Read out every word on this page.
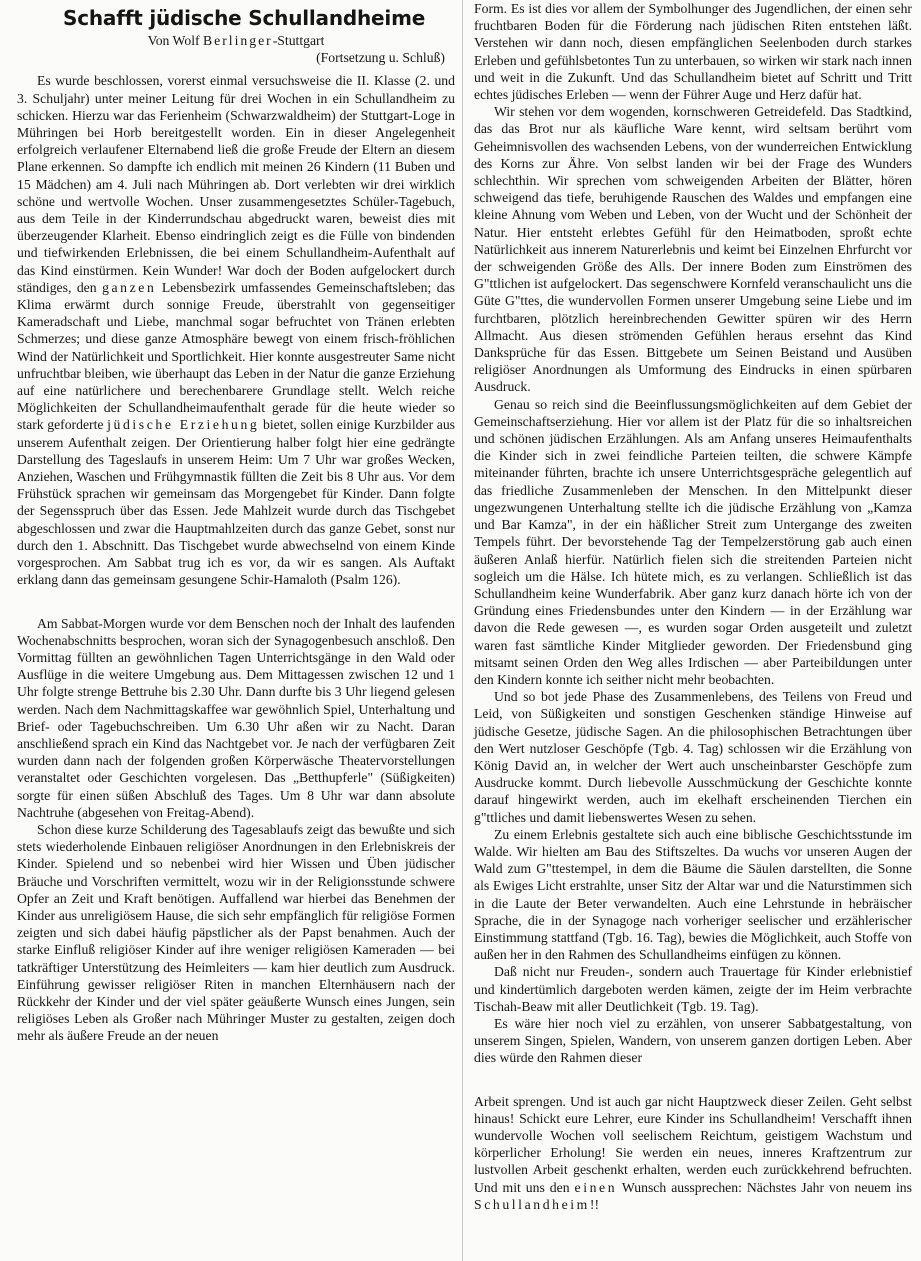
Schafft jüdische Schullandheime
Von Wolf Berlinger-Stuttgart
(Fortsetzung u. Schluß)

Es wurde beschlossen, vorerst einmal versuchsweise die II. Klasse (2. und 3. Schuljahr) unter meiner Leitung für drei Wochen in ein Schullandheim zu schicken. Hierzu war das Ferienheim (Schwarzwaldheim) der Stuttgart-Loge in Mühringen bei Horb bereitgestellt worden. Ein in dieser Angelegenheit erfolgreich verlaufener Elternabend ließ die große Freude der Eltern an diesem Plane erkennen. So dampfte ich endlich mit meinen 26 Kindern (11 Buben und 15 Mädchen) am 4. Juli nach Mühringen ab. Dort verlebten wir drei wirklich schöne und wertvolle Wochen. Unser zusammengesetztes Schüler-Tagebuch, aus dem Teile in der Kinderrundschau abgedruckt waren, beweist dies mit überzeugender Klarheit. Ebenso eindringlich zeigt es die Fülle von bindenden und tiefwirkenden Erlebnissen, die bei einem Schullandheim-Aufenthalt auf das Kind einstürmen. Kein Wunder! War doch der Boden aufgelockert durch ständiges, den ganzen Lebensbezirk umfassendes Gemeinschaftsleben; das Klima erwärmt durch sonnige Freude, überstrahlt von gegenseitiger Kameradschaft und Liebe, manchmal sogar befruchtet von Tränen erlebten Schmerzes; und diese ganze Atmosphäre bewegt von einem frisch-fröhlichen Wind der Natürlichkeit und Sportlichkeit. Hier konnte ausgestreuter Same nicht unfruchtbar bleiben, wie überhaupt das Leben in der Natur die ganze Erziehung auf eine natürlichere und berechenbarere Grundlage stellt. Welch reiche Möglichkeiten der Schullandheimaufenthalt gerade für die heute wieder so stark geforderte jüdische Erziehung bietet, sollen einige Kurzbilder aus unserem Aufenthalt zeigen. Der Orientierung halber folgt hier eine gedrängte Darstellung des Tageslaufs in unserem Heim: Um 7 Uhr war großes Wecken, Anziehen, Waschen und Frühgymnastik füllten die Zeit bis 8 Uhr aus. Vor dem Frühstück sprachen wir gemeinsam das Morgengebet für Kinder. Dann folgte der Segensspruch über das Essen. Jede Mahlzeit wurde durch das Tischgebet abgeschlossen und zwar die Hauptmahlzeiten durch das ganze Gebet, sonst nur durch den 1. Abschnitt. Das Tischgebet wurde abwechselnd von einem Kinde vorgesprochen. Am Sabbat trug ich es vor, da wir es sangen. Als Auftakt erklang dann das gemeinsam gesungene Schir-Hamaloth (Psalm 126).

Am Sabbat-Morgen wurde vor dem Benschen noch der Inhalt des laufenden Wochenabschnitts besprochen, woran sich der Synagogenbesuch anschloß. Den Vormittag füllten an gewöhnlichen Tagen Unterrichtsgänge in den Wald oder Ausflüge in die weitere Umgebung aus. Dem Mittagessen zwischen 12 und 1 Uhr folgte strenge Bettruhe bis 2.30 Uhr. Dann durfte bis 3 Uhr liegend gelesen werden. Nach dem Nachmittagskaffee war gewöhnlich Spiel, Unterhaltung und Brief- oder Tagebuchschreiben. Um 6.30 Uhr aßen wir zu Nacht. Daran anschließend sprach ein Kind das Nachtgebet vor. Je nach der verfügbaren Zeit wurden dann nach der folgenden großen Körperwäsche Theatervorstellungen veranstaltet oder Geschichten vorgelesen. Das „Betthupferle" (Süßigkeiten) sorgte für einen süßen Abschluß des Tages. Um 8 Uhr war dann absolute Nachtruhe (abgesehen von Freitag-Abend).

Schon diese kurze Schilderung des Tagesablaufs zeigt das bewußte und sich stets wiederholende Einbauen religiöser Anordnungen in den Erlebniskreis der Kinder. Spielend und so nebenbei wird hier Wissen und Üben jüdischer Bräuche und Vorschriften vermittelt, wozu wir in der Religionsstunde schwere Opfer an Zeit und Kraft benötigen. Auffallend war hierbei das Benehmen der Kinder aus unreligiösem Hause, die sich sehr empfänglich für religiöse Formen zeigten und sich dabei häufig päpstlicher als der Papst benahmen. Auch der starke Einfluß religiöser Kinder auf ihre weniger religiösen Kameraden — bei tatkräftiger Unterstützung des Heimleiters — kam hier deutlich zum Ausdruck. Einführung gewisser religiöser Riten in manchen Elternhäusern nach der Rückkehr der Kinder und der viel später geäußerte Wunsch eines Jungen, sein religiöses Leben als Großer nach Mühringer Muster zu gestalten, zeigen doch mehr als äußere Freude an der neuen

Form. Es ist dies vor allem der Symbolhunger des Jugendlichen, der einen sehr fruchtbaren Boden für die Förderung nach jüdischen Riten entstehen läßt. Verstehen wir dann noch, diesen empfänglichen Seelenboden durch starkes Erleben und gefühlsbetontes Tun zu unterbauen, so wirken wir stark nach innen und weit in die Zukunft. Und das Schullandheim bietet auf Schritt und Tritt echtes jüdisches Erleben — wenn der Führer Auge und Herz dafür hat.

Wir stehen vor dem wogenden, kornschweren Getreidefeld. Das Stadtkind, das das Brot nur als käufliche Ware kennt, wird seltsam berührt vom Geheimnisvollen des wachsenden Lebens, von der wunderreichen Entwicklung des Korns zur Ähre. Von selbst landen wir bei der Frage des Wunders schlechthin. Wir sprechen vom schweigenden Arbeiten der Blätter, hören schweigend das tiefe, beruhigende Rauschen des Waldes und empfangen eine kleine Ahnung vom Weben und Leben, von der Wucht und der Schönheit der Natur. Hier entsteht erlebtes Gefühl für den Heimatboden, sproßt echte Natürlichkeit aus innerem Naturerlebnis und keimt bei Einzelnen Ehrfurcht vor der schweigenden Größe des Alls. Der innere Boden zum Einströmen des G"ttlichen ist aufgelockert. Das segenschwere Kornfeld veranschaulicht uns die Güte G"ttes, die wundervollen Formen unserer Umgebung seine Liebe und im furchtbaren, plötzlich hereinbrechenden Gewitter spüren wir des Herrn Allmacht. Aus diesen strömenden Gefühlen heraus ersehnt das Kind Danksprüche für das Essen. Bittgebete um Seinen Beistand und Ausüben religiöser Anordnungen als Umformung des Eindrucks in einen spürbaren Ausdruck.

Genau so reich sind die Beeinflussungsmöglichkeiten auf dem Gebiet der Gemeinschaftserziehung. Hier vor allem ist der Platz für die so inhaltsreichen und schönen jüdischen Erzählungen. Als am Anfang unseres Heimaufenthalts die Kinder sich in zwei feindliche Parteien teilten, die schwere Kämpfe miteinander führten, brachte ich unsere Unterrichtsgespräche gelegentlich auf das friedliche Zusammenleben der Menschen. In den Mittelpunkt dieser ungezwungenen Unterhaltung stellte ich die jüdische Erzählung von „Kamza und Bar Kamza", in der ein häßlicher Streit zum Untergange des zweiten Tempels führt. Der bevorstehende Tag der Tempelzerstörung gab auch einen äußeren Anlaß hierfür. Natürlich fielen sich die streitenden Parteien nicht sogleich um die Hälse. Ich hütete mich, es zu verlangen. Schließlich ist das Schullandheim keine Wunderfabrik. Aber ganz kurz danach hörte ich von der Gründung eines Friedensbundes unter den Kindern — in der Erzählung war davon die Rede gewesen —, es wurden sogar Orden ausgeteilt und zuletzt waren fast sämtliche Kinder Mitglieder geworden. Der Friedensbund ging mitsamt seinen Orden den Weg alles Irdischen — aber Parteibildungen unter den Kindern konnte ich seither nicht mehr beobachten.

Und so bot jede Phase des Zusammenlebens, des Teilens von Freud und Leid, von Süßigkeiten und sonstigen Geschenken ständige Hinweise auf jüdische Gesetze, jüdische Sagen. An die philosophischen Betrachtungen über den Wert nutzloser Geschöpfe (Tgb. 4. Tag) schlossen wir die Erzählung von König David an, in welcher der Wert auch unscheinbarster Geschöpfe zum Ausdrucke kommt. Durch liebevolle Ausschmückung der Geschichte konnte darauf hingewirkt werden, auch im ekelhaft erscheinenden Tierchen ein g"ttliches und damit liebenswertes Wesen zu sehen.

Zu einem Erlebnis gestaltete sich auch eine biblische Geschichtsstunde im Walde. Wir hielten am Bau des Stiftszeltes. Da wuchs vor unseren Augen der Wald zum G"ttestempel, in dem die Bäume die Säulen darstellten, die Sonne als Ewiges Licht erstrahlte, unser Sitz der Altar war und die Naturstimmen sich in die Laute der Beter verwandelten. Auch eine Lehrstunde in hebräischer Sprache, die in der Synagoge nach vorheriger seelischer und erzählerischer Einstimmung stattfand (Tgb. 16. Tag), bewies die Möglichkeit, auch Stoffe von außen her in den Rahmen des Schullandheims einfügen zu können.

Daß nicht nur Freuden-, sondern auch Trauertage für Kinder erlebnistief und kindertümlich dargeboten werden kämen, zeigte der im Heim verbrachte Tischah-Beaw mit aller Deutlichkeit (Tgb. 19. Tag).

Es wäre hier noch viel zu erzählen, von unserer Sabbatgestaltung, von unserem Singen, Spielen, Wandern, von unserem ganzen dortigen Leben. Aber dies würde den Rahmen dieser

Arbeit sprengen. Und ist auch gar nicht Hauptzweck dieser Zeilen. Geht selbst hinaus! Schickt eure Lehrer, eure Kinder ins Schullandheim! Verschafft ihnen wundervolle Wochen voll seelischem Reichtum, geistigem Wachstum und körperlicher Erholung! Sie werden ein neues, inneres Kraftzentrum zur lustvollen Arbeit geschenkt erhalten, werden euch zurückkehrend befruchten. Und mit uns den einen Wunsch aussprechen: Nächstes Jahr von neuem ins Schullandheim!!
